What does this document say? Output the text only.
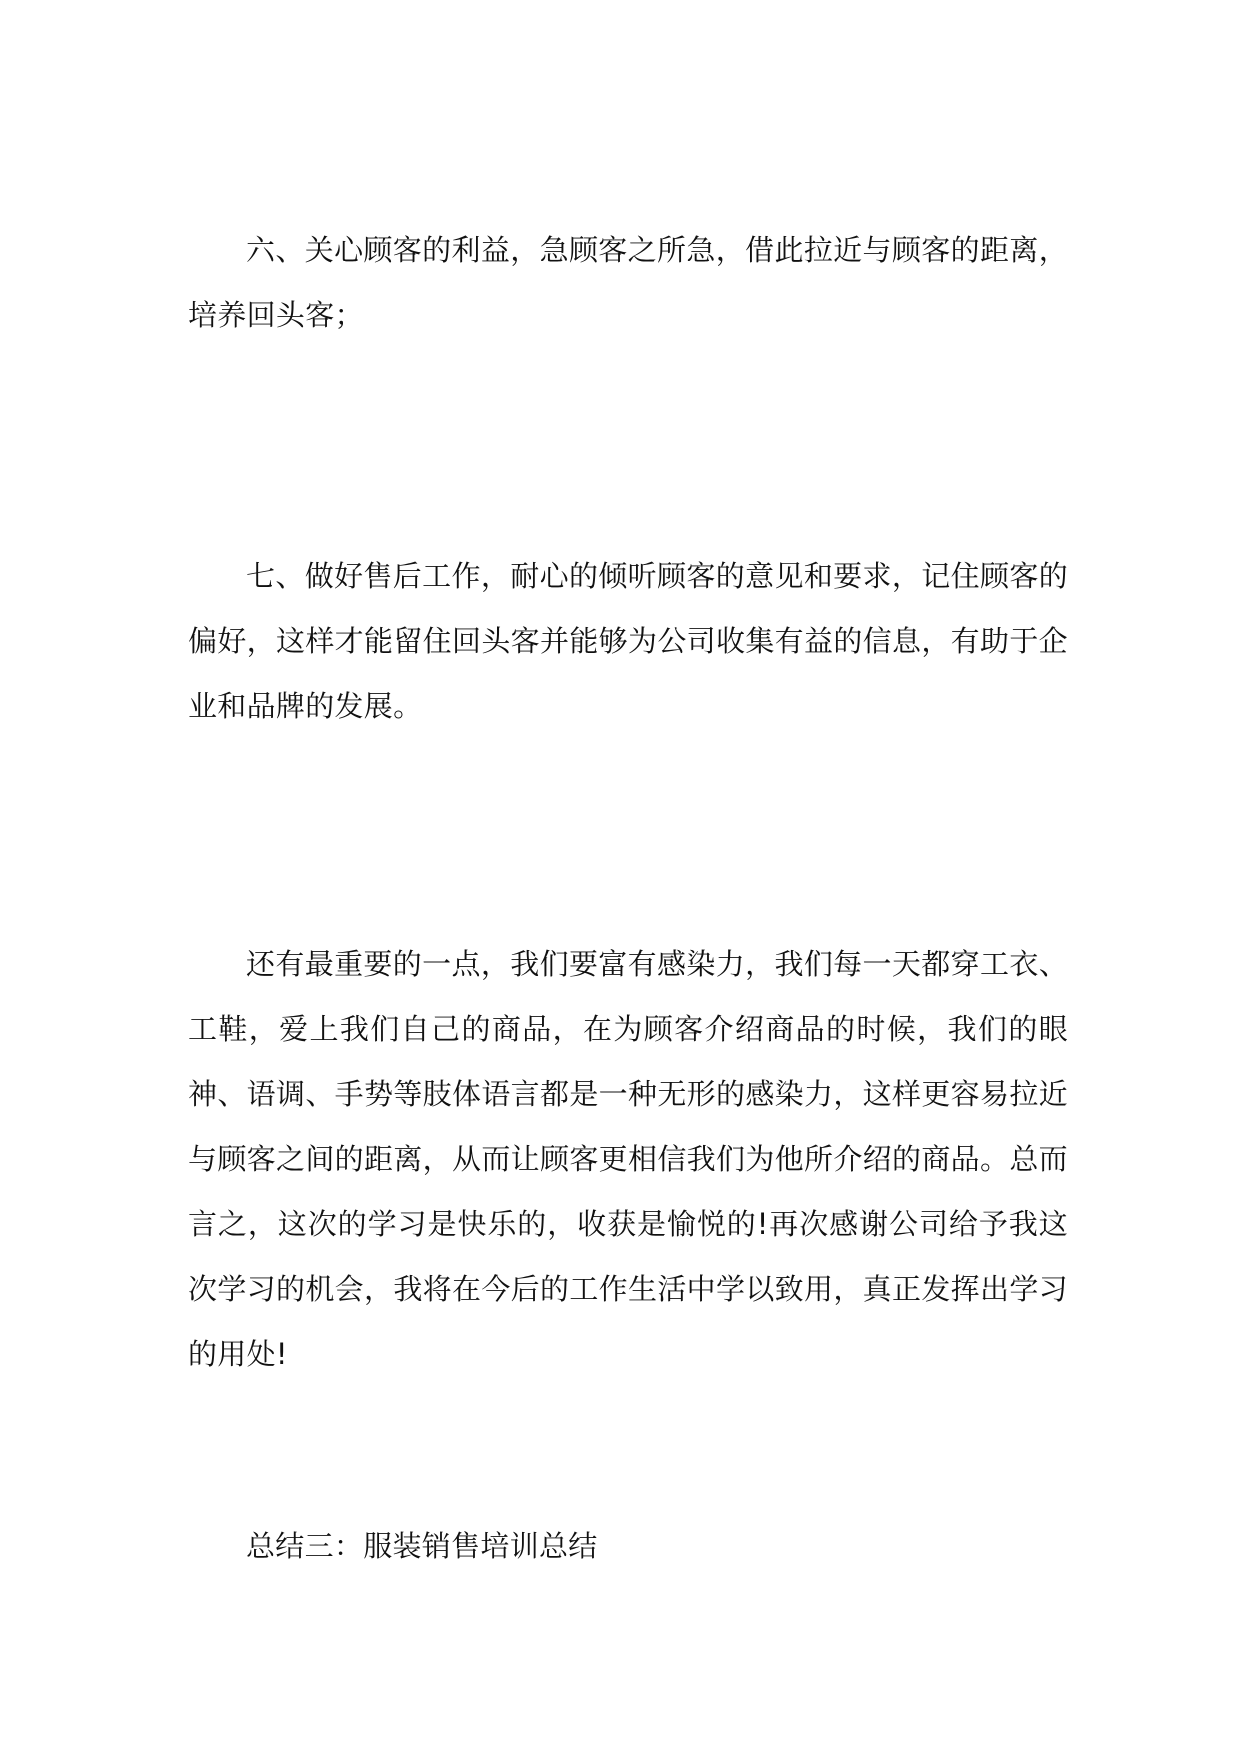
六、关心顾客的利益，急顾客之所急，借此拉近与顾客的距离，培养回头客；

七、做好售后工作，耐心的倾听顾客的意见和要求，记住顾客的偏好，这样才能留住回头客并能够为公司收集有益的信息，有助于企业和品牌的发展。

还有最重要的一点，我们要富有感染力，我们每一天都穿工衣、工鞋，爱上我们自己的商品，在为顾客介绍商品的时候，我们的眼神、语调、手势等肢体语言都是一种无形的感染力，这样更容易拉近与顾客之间的距离，从而让顾客更相信我们为他所介绍的商品。总而言之，这次的学习是快乐的，收获是愉悦的!再次感谢公司给予我这次学习的机会，我将在今后的工作生活中学以致用，真正发挥出学习的用处!

总结三：服装销售培训总结
